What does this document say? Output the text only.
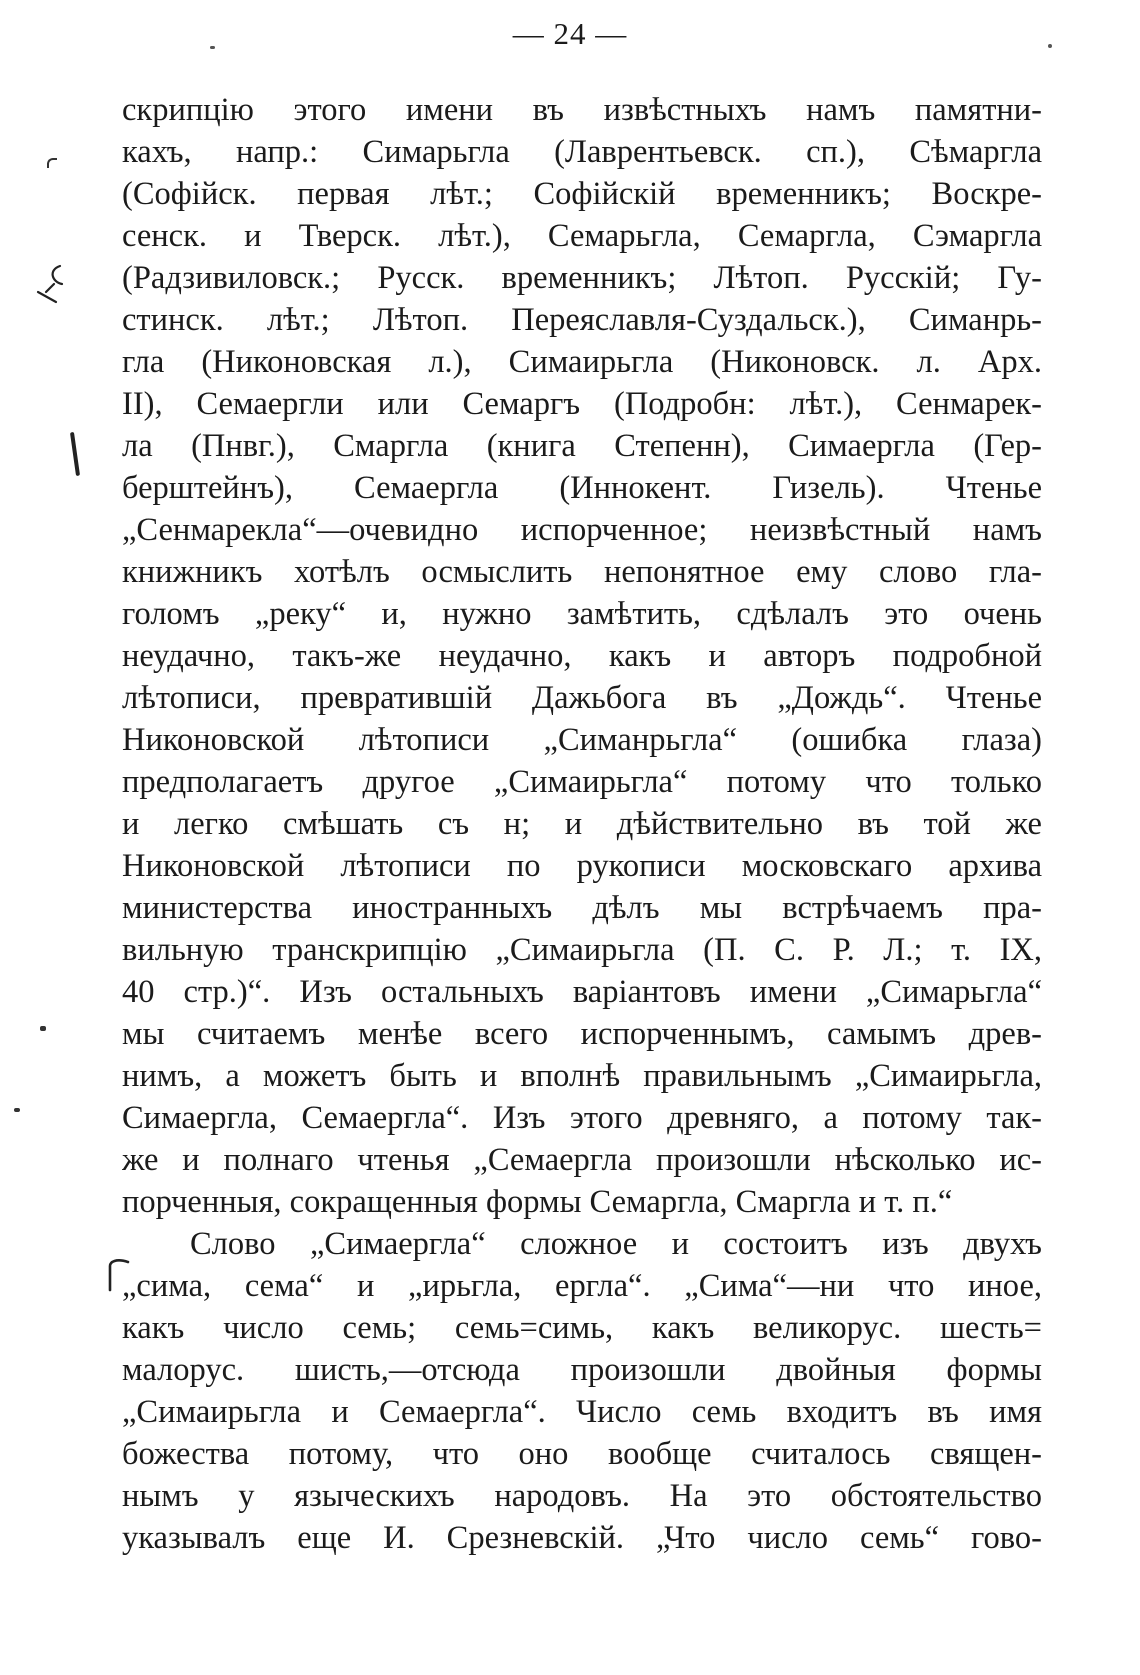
— 24 —
скрипцію этого имени въ извѣстныхъ намъ памятни-
кахъ, напр.: Симарьгла (Лаврентьевск. сп.), Сѣмаргла
(Софійск. первая лѣт.; Софійскій временникъ; Воскре-
сенск. и Тверск. лѣт.), Семарьгла, Семаргла, Сэмаргла
(Радзивиловск.; Русск. временникъ; Лѣтоп. Русскій; Гу-
стинск. лѣт.; Лѣтоп. Переяславля-Суздальск.), Симанрь-
гла (Никоновская л.), Симаирьгла (Никоновск. л. Арх.
II), Семаергли или Семаргъ (Подробн: лѣт.), Сенмарек-
ла (Пнвг.), Смаргла (книга Степенн), Симаергла (Гер-
берштейнъ), Семаергла (Иннокент. Гизель). Чтенье
„Сенмарекла“—очевидно испорченное; неизвѣстный намъ
книжникъ хотѣлъ осмыслить непонятное ему слово гла-
голомъ „реку“ и, нужно замѣтить, сдѣлалъ это очень
неудачно, такъ-же неудачно, какъ и авторъ подробной
лѣтописи, превратившій Дажьбога въ „Дождь“. Чтенье
Никоновской лѣтописи „Симанрьгла“ (ошибка глаза)
предполагаетъ другое „Симаирьгла“ потому что только
и легко смѣшать съ н; и дѣйствительно въ той же
Никоновской лѣтописи по рукописи московскаго архива
министерства иностранныхъ дѣлъ мы встрѣчаемъ пра-
вильную транскрипцію „Симаирьгла (П. С. Р. Л.; т. IX,
40 стр.)“. Изъ остальныхъ варіантовъ имени „Симарьгла“
мы считаемъ менѣе всего испорченнымъ, самымъ древ-
нимъ, а можетъ быть и вполнѣ правильнымъ „Симаирьгла,
Симаергла, Семаергла“. Изъ этого древняго, а потому так-
же и полнаго чтенья „Семаергла произошли нѣсколько ис-
порченныя, сокращенныя формы Семаргла, Смаргла и т. п.“
Слово „Симаергла“ сложное и состоитъ изъ двухъ
„сима, сема“ и „ирьгла, ергла“. „Сима“—ни что иное,
какъ число семь; семь=симь, какъ великорус. шесть=
малорус. шисть,—отсюда произошли двойныя формы
„Симаирьгла и Семаергла“. Число семь входитъ въ имя
божества потому, что оно вообще считалось священ-
нымъ у языческихъ народовъ. На это обстоятельство
указывалъ еще И. Срезневскій. „Что число семь“ гово-
